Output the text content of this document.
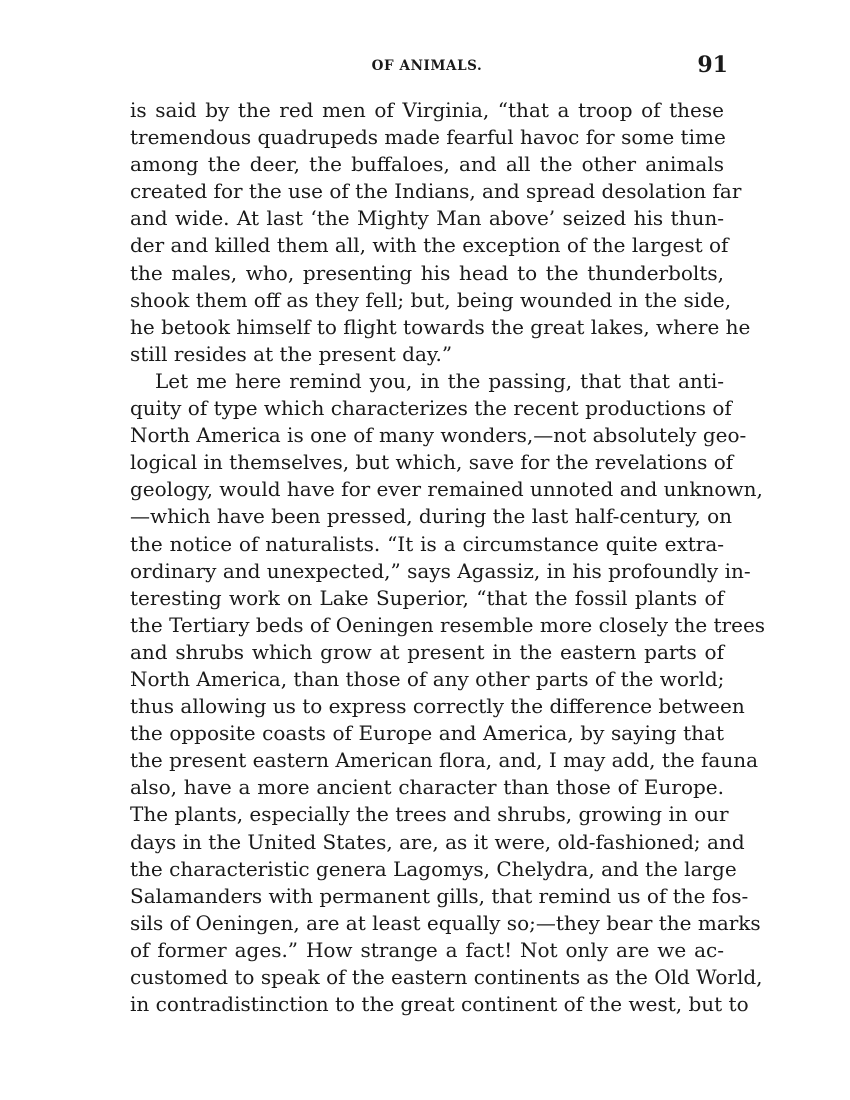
OF ANIMALS.	91
is said by the red men of Virginia, “that a troop of these
tremendous quadrupeds made fearful havoc for some time
among the deer, the buffaloes, and all the other animals
created for the use of the Indians, and spread desolation far
and wide. At last ‘the Mighty Man above’ seized his thun-
der and killed them all, with the exception of the largest of
the males, who, presenting his head to the thunderbolts,
shook them off as they fell; but, being wounded in the side,
he betook himself to flight towards the great lakes, where he
still resides at the present day.”
Let me here remind you, in the passing, that that anti-
quity of type which characterizes the recent productions of
North America is one of many wonders,—not absolutely geo-
logical in themselves, but which, save for the revelations of
geology, would have for ever remained unnoted and unknown,
—which have been pressed, during the last half-century, on
the notice of naturalists. “It is a circumstance quite extra-
ordinary and unexpected,” says Agassiz, in his profoundly in-
teresting work on Lake Superior, “that the fossil plants of
the Tertiary beds of Oeningen resemble more closely the trees
and shrubs which grow at present in the eastern parts of
North America, than those of any other parts of the world;
thus allowing us to express correctly the difference between
the opposite coasts of Europe and America, by saying that
the present eastern American flora, and, I may add, the fauna
also, have a more ancient character than those of Europe.
The plants, especially the trees and shrubs, growing in our
days in the United States, are, as it were, old-fashioned; and
the characteristic genera Lagomys, Chelydra, and the large
Salamanders with permanent gills, that remind us of the fos-
sils of Oeningen, are at least equally so;—they bear the marks
of former ages.” How strange a fact! Not only are we ac-
customed to speak of the eastern continents as the Old World,
in contradistinction to the great continent of the west, but to
